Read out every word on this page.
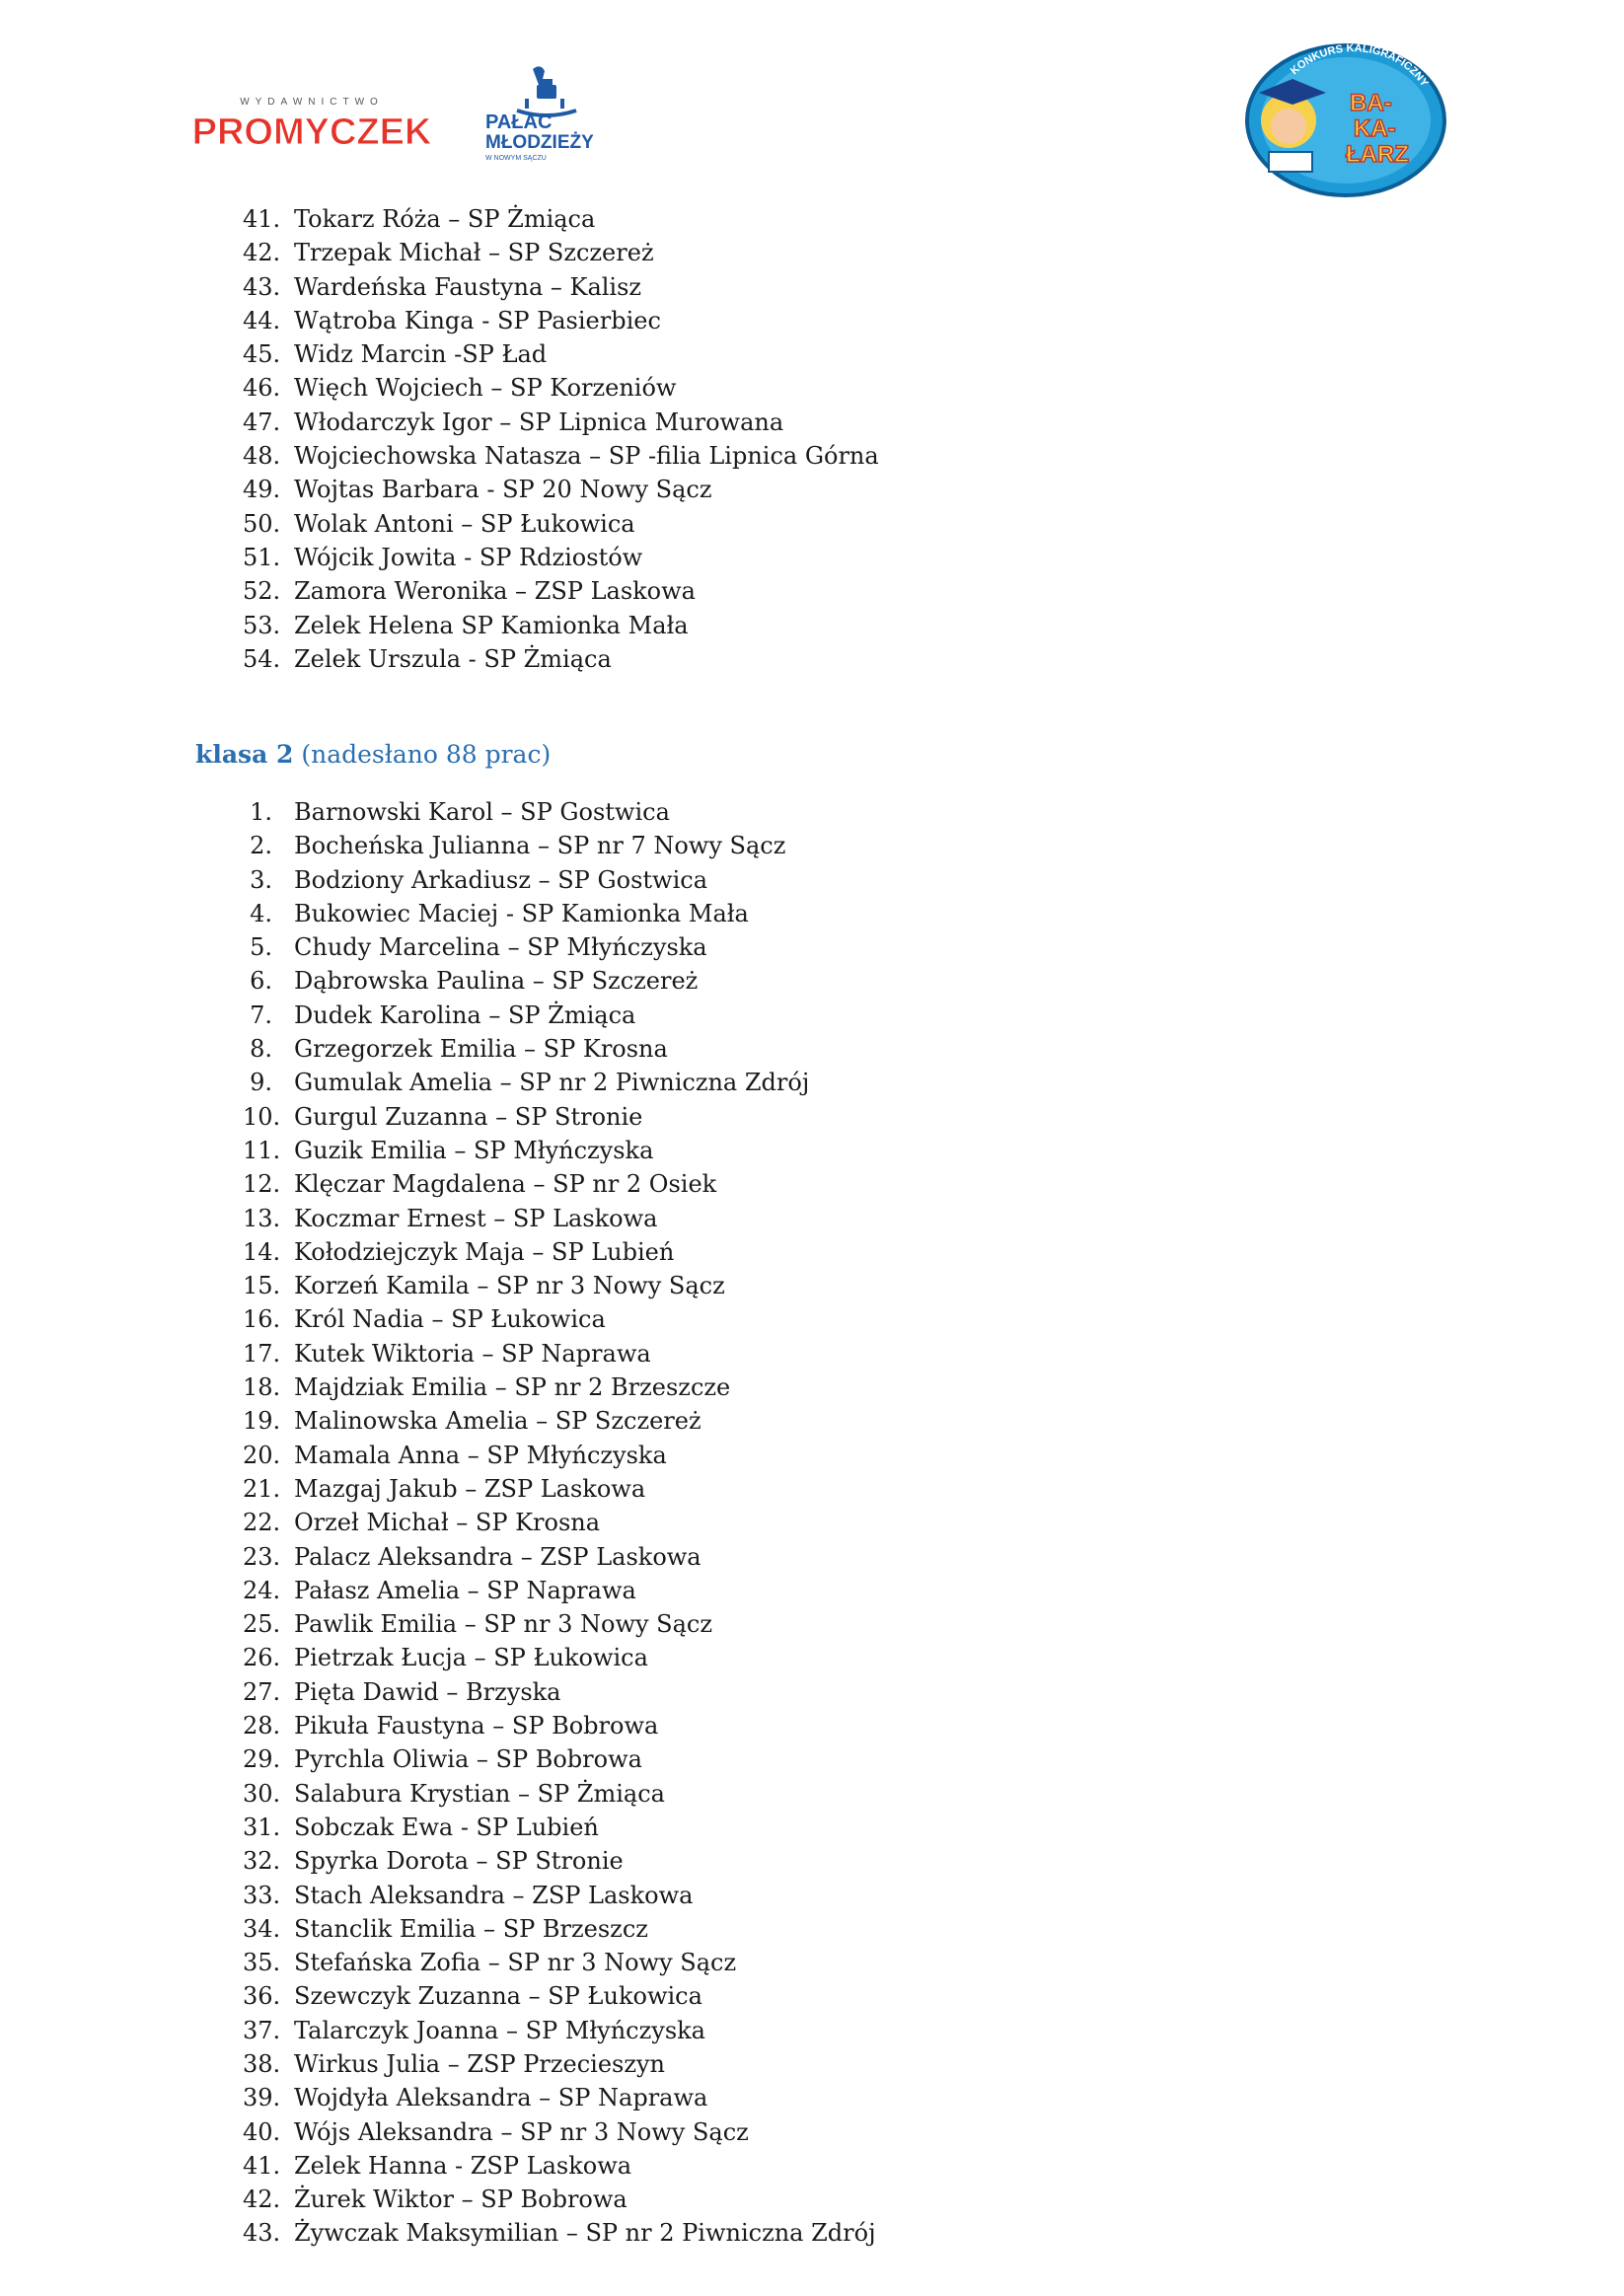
WYDAWNICTWO
PROMYCZEK	PAŁAC
MŁODZIEŻY
W NOWYM SĄCZU
KONKURS KALIGRAFICZNY
BA-
KA-
ŁARZ
41. Tokarz Róża – SP Żmiąca
42. Trzepak Michał – SP Szczereż
43. Wardeńska Faustyna – Kalisz
44. Wątroba Kinga - SP Pasierbiec
45. Widz Marcin -SP Ład
46. Więch Wojciech – SP Korzeniów
47. Włodarczyk Igor – SP Lipnica Murowana
48. Wojciechowska Natasza – SP -filia Lipnica Górna
49. Wojtas Barbara - SP 20 Nowy Sącz
50. Wolak Antoni – SP Łukowica
51. Wójcik Jowita - SP Rdziostów
52. Zamora Weronika – ZSP Laskowa
53. Zelek Helena SP Kamionka Mała
54. Zelek Urszula - SP Żmiąca
klasa 2 (nadesłano 88 prac)
1. Barnowski Karol – SP Gostwica
2. Bocheńska Julianna – SP nr 7 Nowy Sącz
3. Bodziony Arkadiusz – SP Gostwica
4. Bukowiec Maciej - SP Kamionka Mała
5. Chudy Marcelina – SP Młyńczyska
6. Dąbrowska Paulina – SP Szczereż
7. Dudek Karolina – SP Żmiąca
8. Grzegorzek Emilia – SP Krosna
9. Gumulak Amelia – SP nr 2 Piwniczna Zdrój
10. Gurgul Zuzanna – SP Stronie
11. Guzik Emilia – SP Młyńczyska
12. Klęczar Magdalena – SP nr 2 Osiek
13. Koczmar Ernest – SP Laskowa
14. Kołodziejczyk Maja – SP Lubień
15. Korzeń Kamila – SP nr 3 Nowy Sącz
16. Król Nadia – SP Łukowica
17. Kutek Wiktoria – SP Naprawa
18. Majdziak Emilia – SP nr 2 Brzeszcze
19. Malinowska Amelia – SP Szczereż
20. Mamala Anna – SP Młyńczyska
21. Mazgaj Jakub – ZSP Laskowa
22. Orzeł Michał – SP Krosna
23. Palacz Aleksandra – ZSP Laskowa
24. Pałasz Amelia – SP Naprawa
25. Pawlik Emilia – SP nr 3 Nowy Sącz
26. Pietrzak Łucja – SP Łukowica
27. Pięta Dawid – Brzyska
28. Pikuła Faustyna – SP Bobrowa
29. Pyrchla Oliwia – SP Bobrowa
30. Salabura Krystian – SP Żmiąca
31. Sobczak Ewa - SP Lubień
32. Spyrka Dorota – SP Stronie
33. Stach Aleksandra – ZSP Laskowa
34. Stanclik Emilia – SP Brzeszcz
35. Stefańska Zofia – SP nr 3 Nowy Sącz
36. Szewczyk Zuzanna – SP Łukowica
37. Talarczyk Joanna – SP Młyńczyska
38. Wirkus Julia – ZSP Przecieszyn
39. Wojdyła Aleksandra – SP Naprawa
40. Wójs Aleksandra – SP nr 3 Nowy Sącz
41. Zelek Hanna - ZSP Laskowa
42. Żurek Wiktor – SP Bobrowa
43. Żywczak Maksymilian – SP nr 2 Piwniczna Zdrój
